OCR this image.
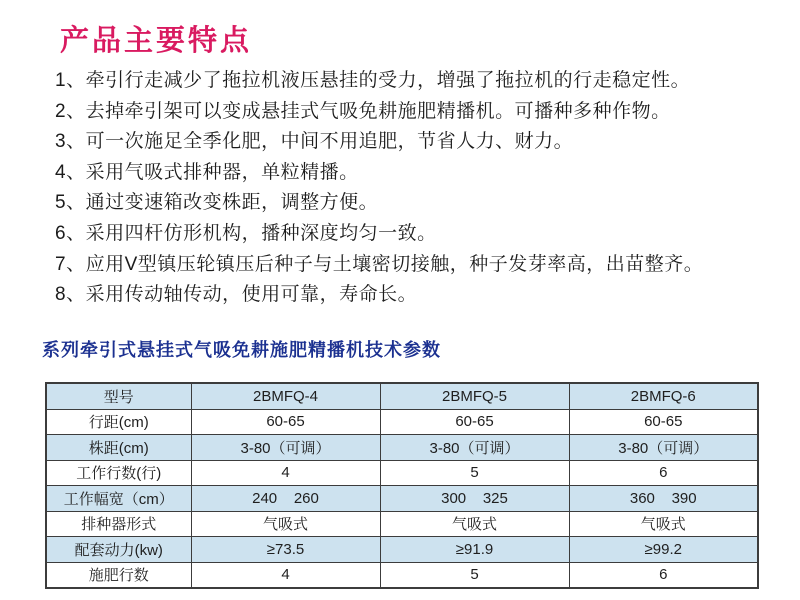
产品主要特点
1、牵引行走减少了拖拉机液压悬挂的受力，增强了拖拉机的行走稳定性。
2、去掉牵引架可以变成悬挂式气吸免耕施肥精播机。可播种多种作物。
3、可一次施足全季化肥，中间不用追肥，节省人力、财力。
4、采用气吸式排种器，单粒精播。
5、通过变速箱改变株距，调整方便。
6、采用四杆仿形机构，播种深度均匀一致。
7、应用V型镇压轮镇压后种子与土壤密切接触，种子发芽率高，出苗整齐。
8、采用传动轴传动，使用可靠，寿命长。
系列牵引式悬挂式气吸免耕施肥精播机技术参数
型号	2BMFQ-4	2BMFQ-5	2BMFQ-6
行距(cm)	60-65	60-65	60-65
株距(cm)	3-80（可调）	3-80（可调）	3-80（可调）
工作行数(行)	4	5	6
工作幅宽（cm）	240    260	300    325	360    390
排种器形式	气吸式	气吸式	气吸式
配套动力(kw)	≥73.5	≥91.9	≥99.2
施肥行数	4	5	6
